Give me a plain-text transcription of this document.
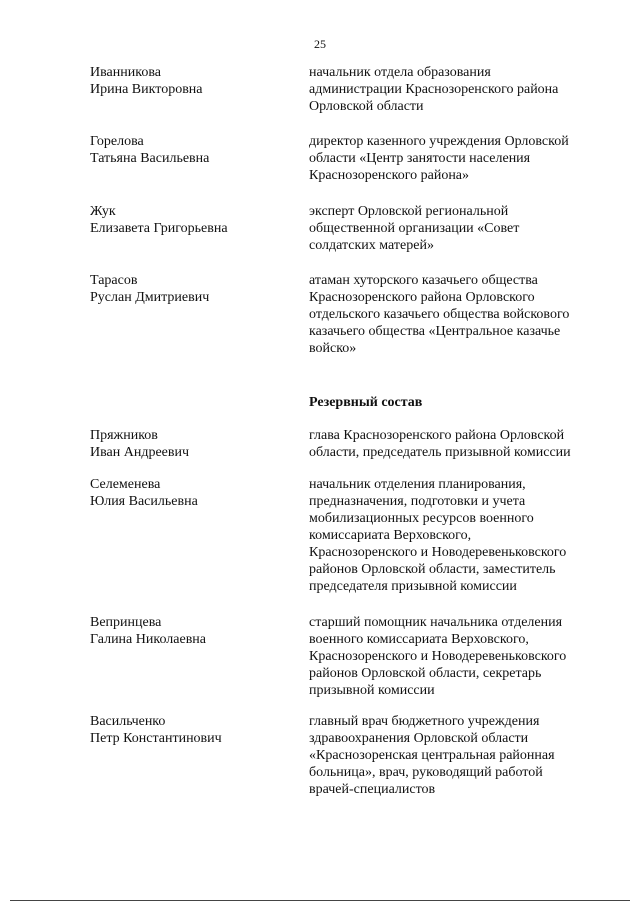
25
Иванникова
Ирина Викторовна
начальник отдела образования
администрации Краснозоренского района
Орловской области
Горелова
Татьяна Васильевна
директор казенного учреждения Орловской
области «Центр занятости населения
Краснозоренского района»
Жук
Елизавета Григорьевна
эксперт Орловской региональной
общественной организации «Совет
солдатских матерей»
Тарасов
Руслан Дмитриевич
атаман хуторского казачьего общества
Краснозоренского района Орловского
отдельского казачьего общества войскового
казачьего общества «Центральное казачье
войско»
Резервный состав
Пряжников
Иван Андреевич
глава Краснозоренского района Орловской
области, председатель призывной комиссии
Селеменева
Юлия Васильевна
начальник отделения планирования,
предназначения, подготовки и учета
мобилизационных ресурсов военного
комиссариата Верховского,
Краснозоренского и Новодеревеньковского
районов Орловской области, заместитель
председателя призывной комиссии
Вепринцева
Галина Николаевна
старший помощник начальника отделения
военного комиссариата Верховского,
Краснозоренского и Новодеревеньковского
районов Орловской области, секретарь
призывной комиссии
Васильченко
Петр Константинович
главный врач бюджетного учреждения
здравоохранения Орловской области
«Краснозоренская центральная районная
больница», врач, руководящий работой
врачей-специалистов
